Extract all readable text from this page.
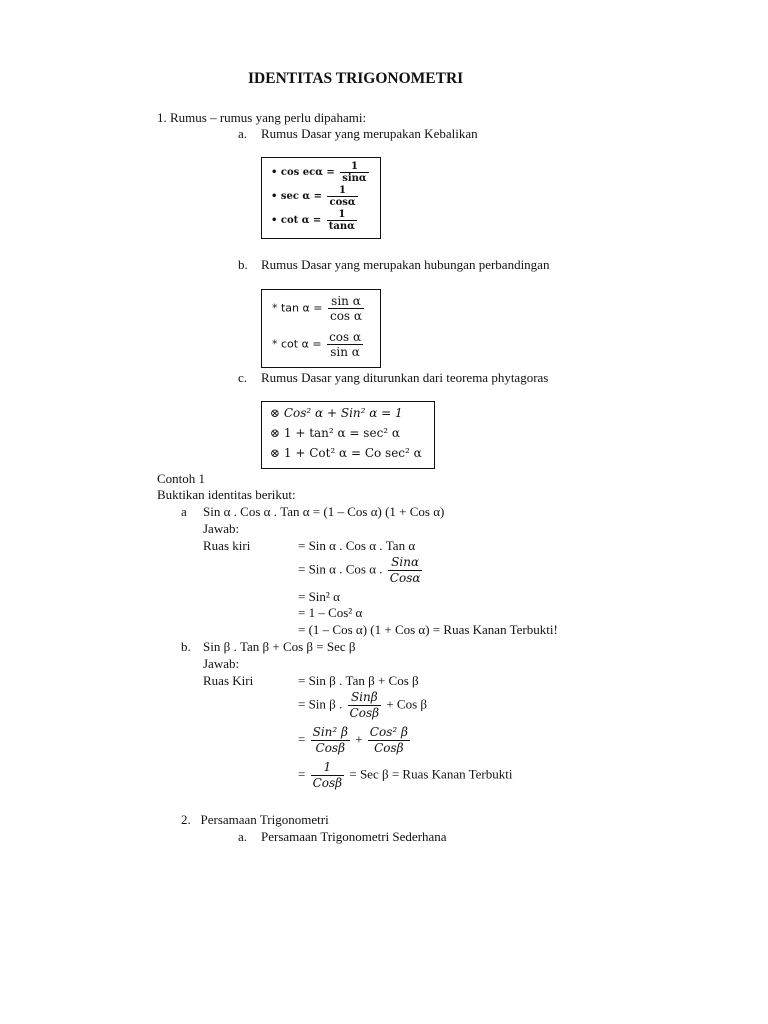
IDENTITAS TRIGONOMETRI
1. Rumus – rumus yang perlu dipahami:
a. Rumus Dasar yang merupakan Kebalikan
• $\cos ec\alpha = \frac{1}{\sin\alpha}$
• $\sec \alpha = \frac{1}{\cos\alpha}$
• $\cot \alpha = \frac{1}{\tan\alpha}$
b. Rumus Dasar yang merupakan hubungan perbandingan
* $\tan \alpha = \frac{\text{sin α}}{\text{cos α}}$
* $\cot \alpha = \frac{\text{cos α}}{\text{sin α}}$
c. Rumus Dasar yang diturunkan dari teorema phytagoras
⊗ Cos² α + Sin² α = 1
⊗ 1 + tan² α = sec² α
⊗ 1 + Cot² α = Co sec² α
Contoh 1
Buktikan identitas berikut:
a Sin α . Cos α . Tan α = (1 – Cos α) (1 + Cos α)
Jawab:
Ruas kiri	= Sin α . Cos α . Tan α
= Sin α . Cos α . $\frac{\text{Sinα}}{\text{Cosα}}$
= Sin² α
= 1 – Cos² α
= (1 – Cos α) (1 + Cos α) = Ruas Kanan Terbukti!
b. Sin β . Tan β + Cos β = Sec β
Jawab:
Ruas Kiri	= Sin β . Tan β + Cos β
= Sin β . $\frac{\text{Sinβ}}{\text{Cosβ}}$ + Cos β
= $\frac{\text{Sin² β}}{\text{Cosβ}} + \frac{\text{Cos² β}}{\text{Cosβ}}$
= $\frac{1}{\text{Cosβ}}$ = Sec β = Ruas Kanan Terbukti
2.   Persamaan Trigonometri
a. Persamaan Trigonometri Sederhana
